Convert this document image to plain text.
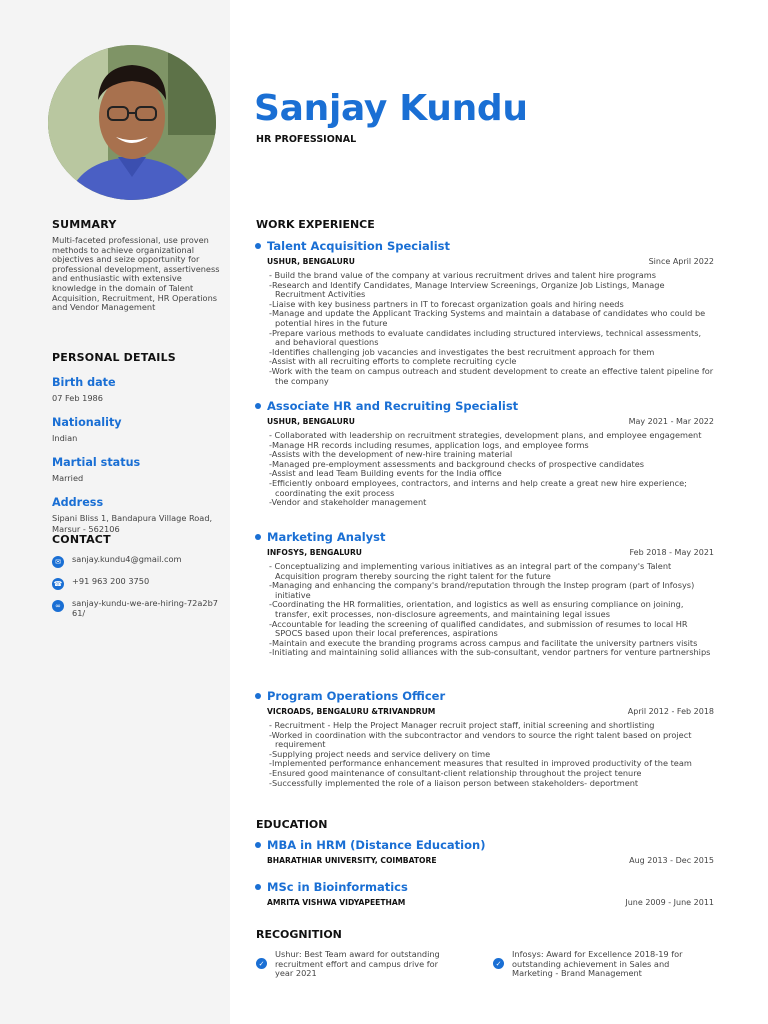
SUMMARY
Multi-faceted professional, use proven methods to achieve organizational objectives and seize opportunity for professional development, assertiveness and enthusiastic with extensive knowledge in the domain of Talent Acquisition, Recruitment, HR Operations and Vendor Management
PERSONAL DETAILS
Birth date
07 Feb 1986
Nationality
Indian
Martial status
Married
Address
Sipani Bliss 1, Bandapura Village Road, Marsur - 562106
CONTACT
✉	sanjay.kundu4@gmail.com
☎ +91 963 200 3750
∞	sanjay-kundu-we-are-hiring-72a2b761/
Sanjay Kundu
HR PROFESSIONAL
WORK EXPERIENCE
Talent Acquisition Specialist
USHUR, BENGALURU	Since April 2022
- Build the brand value of the company at various recruitment drives and talent hire programs
-Research and Identify Candidates, Manage Interview Screenings, Organize Job Listings, Manage Recruitment Activities
-Liaise with key business partners in IT to forecast organization goals and hiring needs
-Manage and update the Applicant Tracking Systems and maintain a database of candidates who could be potential hires in the future
-Prepare various methods to evaluate candidates including structured interviews, technical assessments, and behavioral questions
-Identifies challenging job vacancies and investigates the best recruitment approach for them
-Assist with all recruiting efforts to complete recruiting cycle
-Work with the team on campus outreach and student development to create an effective talent pipeline for the company
Associate HR and Recruiting Specialist
USHUR, BENGALURU	May 2021 - Mar 2022
- Collaborated with leadership on recruitment strategies, development plans, and employee engagement
-Manage HR records including resumes, application logs, and employee forms
-Assists with the development of new-hire training material
-Managed pre-employment assessments and background checks of prospective candidates
-Assist and lead Team Building events for the India office
-Efficiently onboard employees, contractors, and interns and help create a great new hire experience; coordinating the exit process
-Vendor and stakeholder management
Marketing Analyst
INFOSYS, BENGALURU	Feb 2018 - May 2021
- Conceptualizing and implementing various initiatives as an integral part of the company's Talent Acquisition program thereby sourcing the right talent for the future
-Managing and enhancing the company's brand/reputation through the Instep program (part of Infosys) initiative
-Coordinating the HR formalities, orientation, and logistics as well as ensuring compliance on joining, transfer, exit processes, non-disclosure agreements, and maintaining legal issues
-Accountable for leading the screening of qualified candidates, and submission of resumes to local HR SPOCS based upon their local preferences, aspirations
-Maintain and execute the branding programs across campus and facilitate the university partners visits
-Initiating and maintaining solid alliances with the sub-consultant, vendor partners for venture partnerships
Program Operations Officer
VICROADS, BENGALURU &TRIVANDRUM	April 2012 - Feb 2018
- Recruitment - Help the Project Manager recruit project staff, initial screening and shortlisting
-Worked in coordination with the subcontractor and vendors to source the right talent based on project requirement
-Supplying project needs and service delivery on time
-Implemented performance enhancement measures that resulted in improved productivity of the team
-Ensured good maintenance of consultant-client relationship throughout the project tenure
-Successfully implemented the role of a liaison person between stakeholders- deportment
EDUCATION
MBA in HRM (Distance Education)
BHARATHIAR UNIVERSITY, COIMBATORE	Aug 2013 - Dec 2015
MSc in Bioinformatics
AMRITA VISHWA VIDYAPEETHAM	June 2009 - June 2011
RECOGNITION
✓
Ushur: Best Team award for outstanding recruitment effort and campus drive for year 2021
✓
Infosys: Award for Excellence 2018-19 for outstanding achievement in Sales and Marketing - Brand Management
